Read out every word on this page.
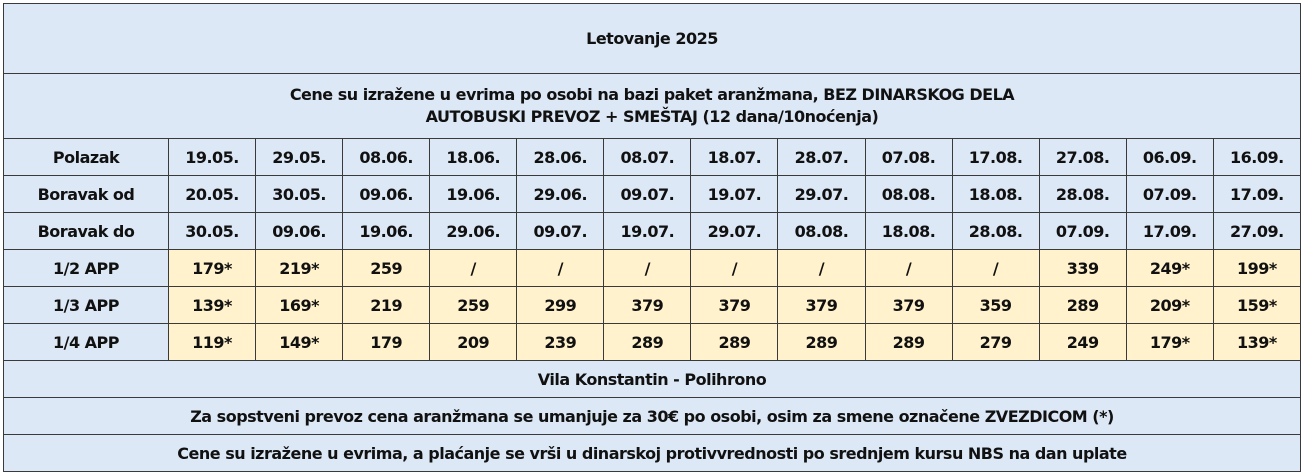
Letovanje 2025													

Cene su izražene u evrima po osobi na bazi paket aranžmana, BEZ DINARSKOG DELA
AUTOBUSKI PREVOZ + SMEŠTAJ (12 dana/10noćenja)													

Polazak	19.05.	29.05.	08.06.	18.06.	28.06.	08.07.	18.07.	28.07.	07.08.	17.08.	27.08.	06.09.	16.09.
Boravak od	20.05.	30.05.	09.06.	19.06.	29.06.	09.07.	19.07.	29.07.	08.08.	18.08.	28.08.	07.09.	17.09.
Boravak do	30.05.	09.06.	19.06.	29.06.	09.07.	19.07.	29.07.	08.08.	18.08.	28.08.	07.09.	17.09.	27.09.
1/2 APP	179*	219*	259	/	/	/	/	/	/	/	339	249*	199*
1/3 APP	139*	169*	219	259	299	379	379	379	379	359	289	209*	159*
1/4 APP	119*	149*	179	209	239	289	289	289	289	279	249	179*	139*
Vila Konstantin - Polihrono													
Za sopstveni prevoz cena aranžmana se umanjuje za 30€ po osobi, osim za smene označene ZVEZDICOM (*)													
Cene su izražene u evrima, a plaćanje se vrši u dinarskoj protivvrednosti po srednjem kursu NBS na dan uplate													
